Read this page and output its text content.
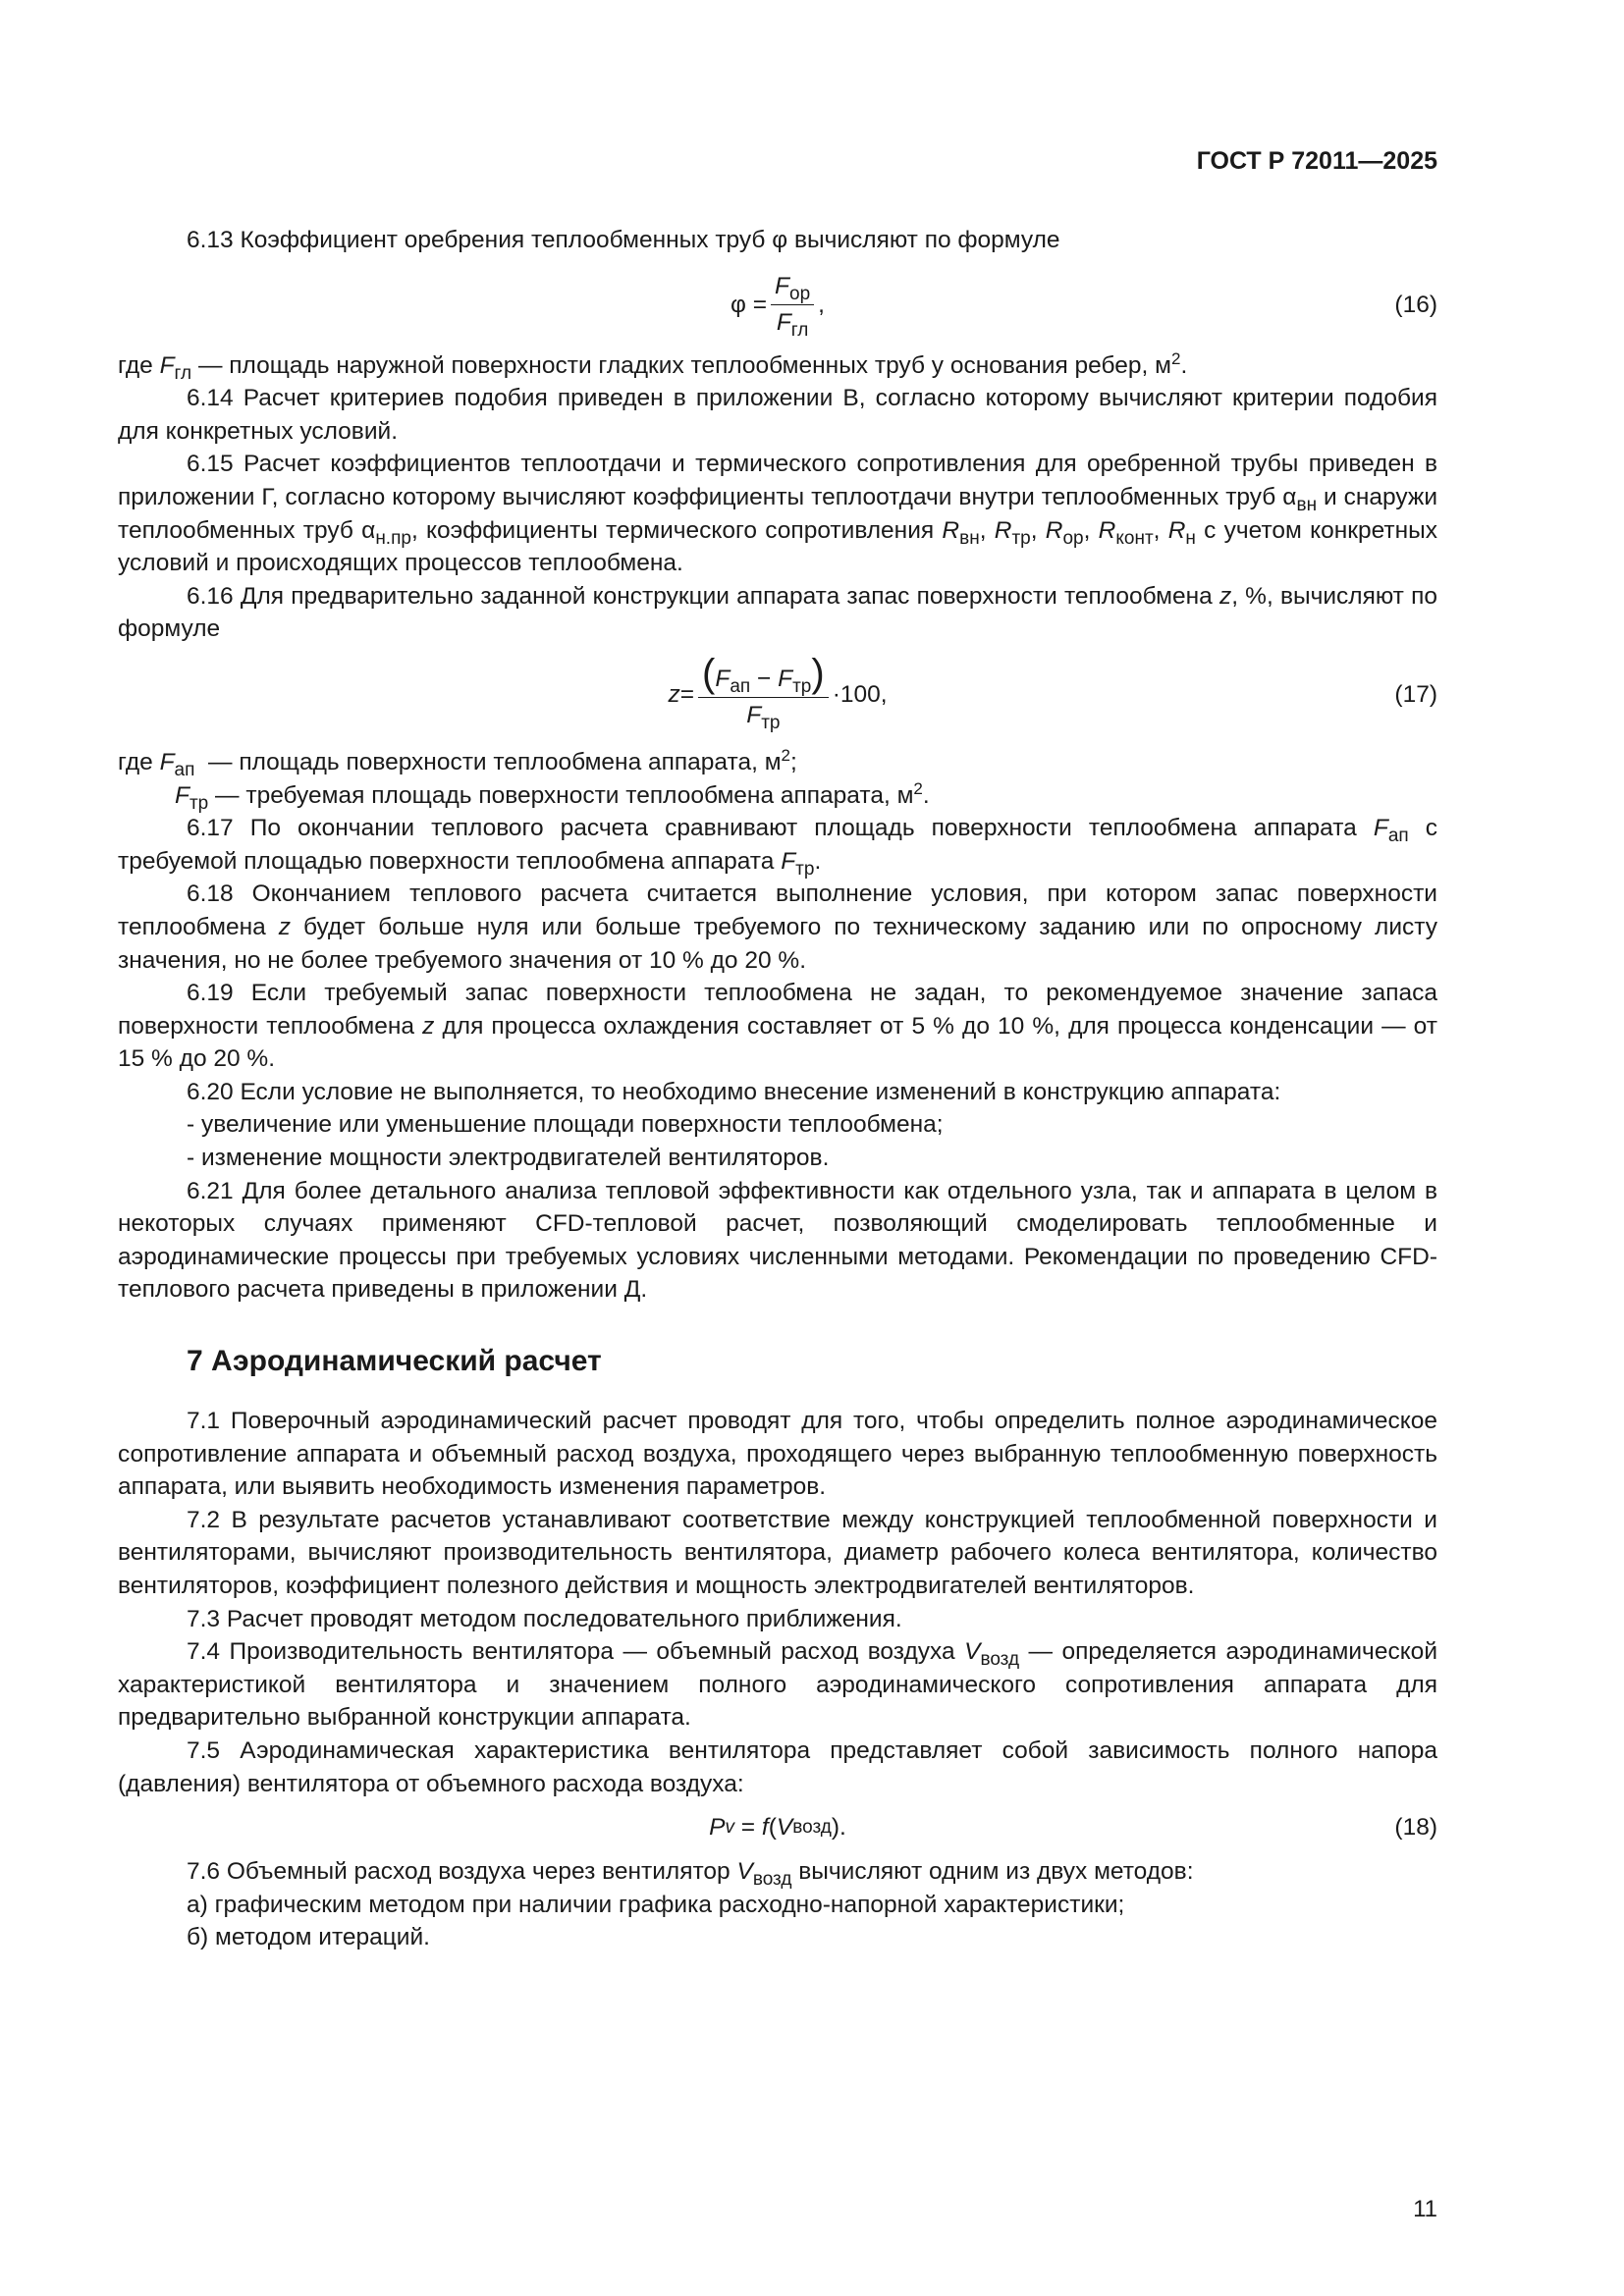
ГОСТ Р 72011—2025

6.13 Коэффициент оребрения теплообменных труб φ вычисляют по формуле

$\varphi = \frac{F_{ор}}{F_{гл}}$ ,	(16)

где $F_{гл}$ — площадь наружной поверхности гладких теплообменных труб у основания ребер, $м^2$.

6.14 Расчет критериев подобия приведен в приложении В, согласно которому вычисляют критерии подобия для конкретных условий.

6.15 Расчет коэффициентов теплоотдачи и термического сопротивления для оребренной трубы приведен в приложении Г, согласно которому вычисляют коэффициенты теплоотдачи внутри теплообменных труб $\alpha_{вн}$ и снаружи теплообменных труб $\alpha_{н.пр}$, коэффициенты термического сопротивления $R_{вн}$, $R_{тр}$, $R_{ор}$, $R_{конт}$, $R_н$ с учетом конкретных условий и происходящих процессов теплообмена.

6.16 Для предварительно заданной конструкции аппарата запас поверхности теплообмена z, %, вычисляют по формуле

$z = \frac{(F_{ап} - F_{тр})}{F_{тр}} \cdot 100$,	(17)

где $F_{ап}$  — площадь поверхности теплообмена аппарата, $м^2$;

$F_{тр}$ — требуемая площадь поверхности теплообмена аппарата, $м^2$.

6.17 По окончании теплового расчета сравнивают площадь поверхности теплообмена аппарата $F_{ап}$ с требуемой площадью поверхности теплообмена аппарата $F_{тр}$.

6.18 Окончанием теплового расчета считается выполнение условия, при котором запас поверхности теплообмена z будет больше нуля или больше требуемого по техническому заданию или по опросному листу значения, но не более требуемого значения от 10 % до 20 %.

6.19 Если требуемый запас поверхности теплообмена не задан, то рекомендуемое значение запаса поверхности теплообмена z для процесса охлаждения составляет от 5 % до 10 %, для процесса конденсации — от 15 % до 20 %.

6.20 Если условие не выполняется, то необходимо внесение изменений в конструкцию аппарата:

- увеличение или уменьшение площади поверхности теплообмена;

- изменение мощности электродвигателей вентиляторов.

6.21 Для более детального анализа тепловой эффективности как отдельного узла, так и аппарата в целом в некоторых случаях применяют CFD-тепловой расчет, позволяющий смоделировать теплообменные и аэродинамические процессы при требуемых условиях численными методами. Рекомендации по проведению CFD-теплового расчета приведены в приложении Д.

7 Аэродинамический расчет

7.1 Поверочный аэродинамический расчет проводят для того, чтобы определить полное аэродинамическое сопротивление аппарата и объемный расход воздуха, проходящего через выбранную теплообменную поверхность аппарата, или выявить необходимость изменения параметров.

7.2 В результате расчетов устанавливают соответствие между конструкцией теплообменной поверхности и вентиляторами, вычисляют производительность вентилятора, диаметр рабочего колеса вентилятора, количество вентиляторов, коэффициент полезного действия и мощность электродвигателей вентиляторов.

7.3 Расчет проводят методом последовательного приближения.

7.4 Производительность вентилятора — объемный расход воздуха $V_{возд}$ — определяется аэродинамической характеристикой вентилятора и значением полного аэродинамического сопротивления аппарата для предварительно выбранной конструкции аппарата.

7.5 Аэродинамическая характеристика вентилятора представляет собой зависимость полного напора (давления) вентилятора от объемного расхода воздуха:

P v = f ( V возд ).	(18)

7.6 Объемный расход воздуха через вентилятор $V_{возд}$ вычисляют одним из двух методов:

а) графическим методом при наличии графика расходно-напорной характеристики;

б) методом итераций.

11
